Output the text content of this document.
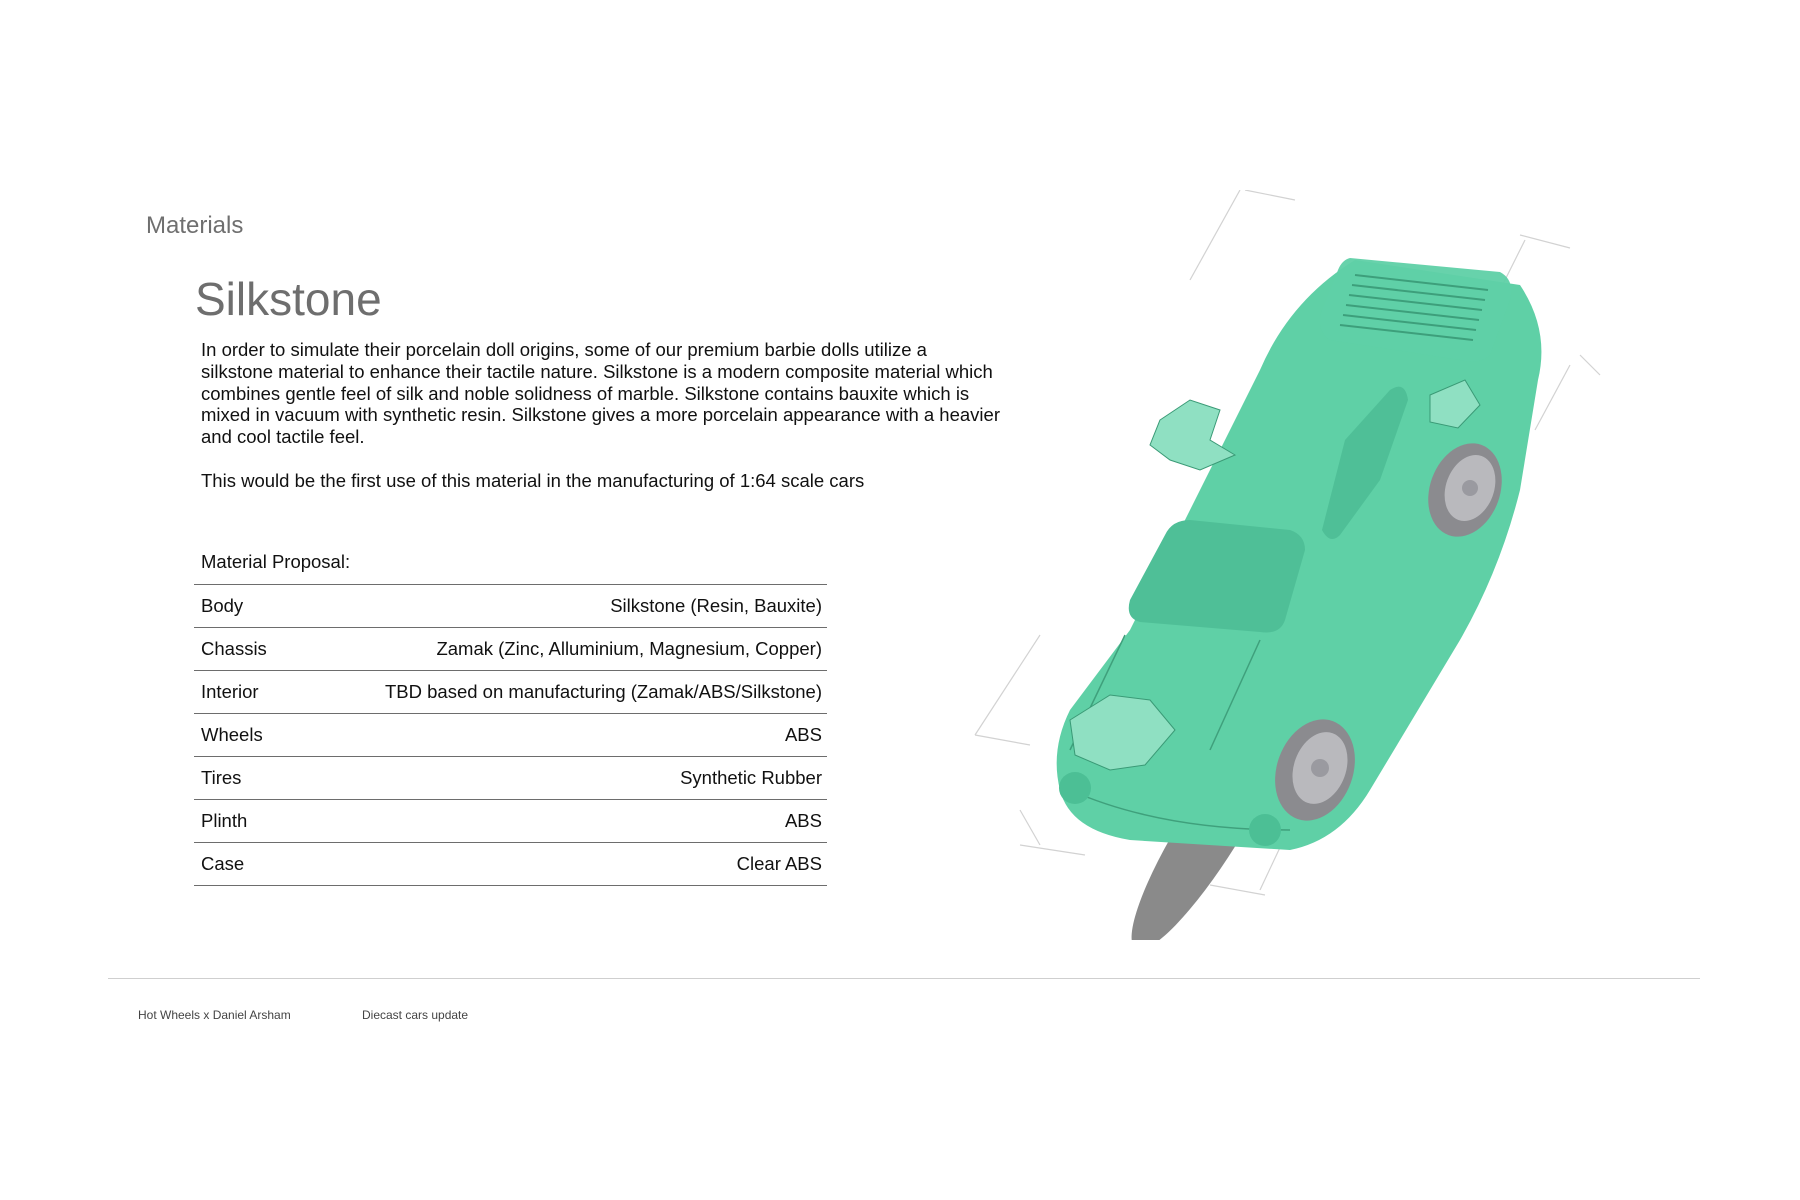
Materials
Silkstone

In order to simulate their porcelain doll origins, some of our premium barbie dolls utilize a silkstone material to enhance their tactile nature. Silkstone is a modern composite material which combines gentle feel of silk and noble solidness of marble. Silkstone contains bauxite which is mixed in vacuum with synthetic resin. Silkstone gives a more porcelain appearance with a heavier and cool tactile feel.

This would be the first use of this material in the manufacturing of 1:64 scale cars

Material Proposal:
Body	Silkstone (Resin, Bauxite)
Chassis	Zamak (Zinc, Alluminium, Magnesium, Copper)
Interior	TBD based on manufacturing (Zamak/ABS/Silkstone)
Wheels	ABS
Tires	Synthetic Rubber
Plinth	ABS
Case	Clear ABS
Hot Wheels x Daniel Arsham	Diecast cars update
